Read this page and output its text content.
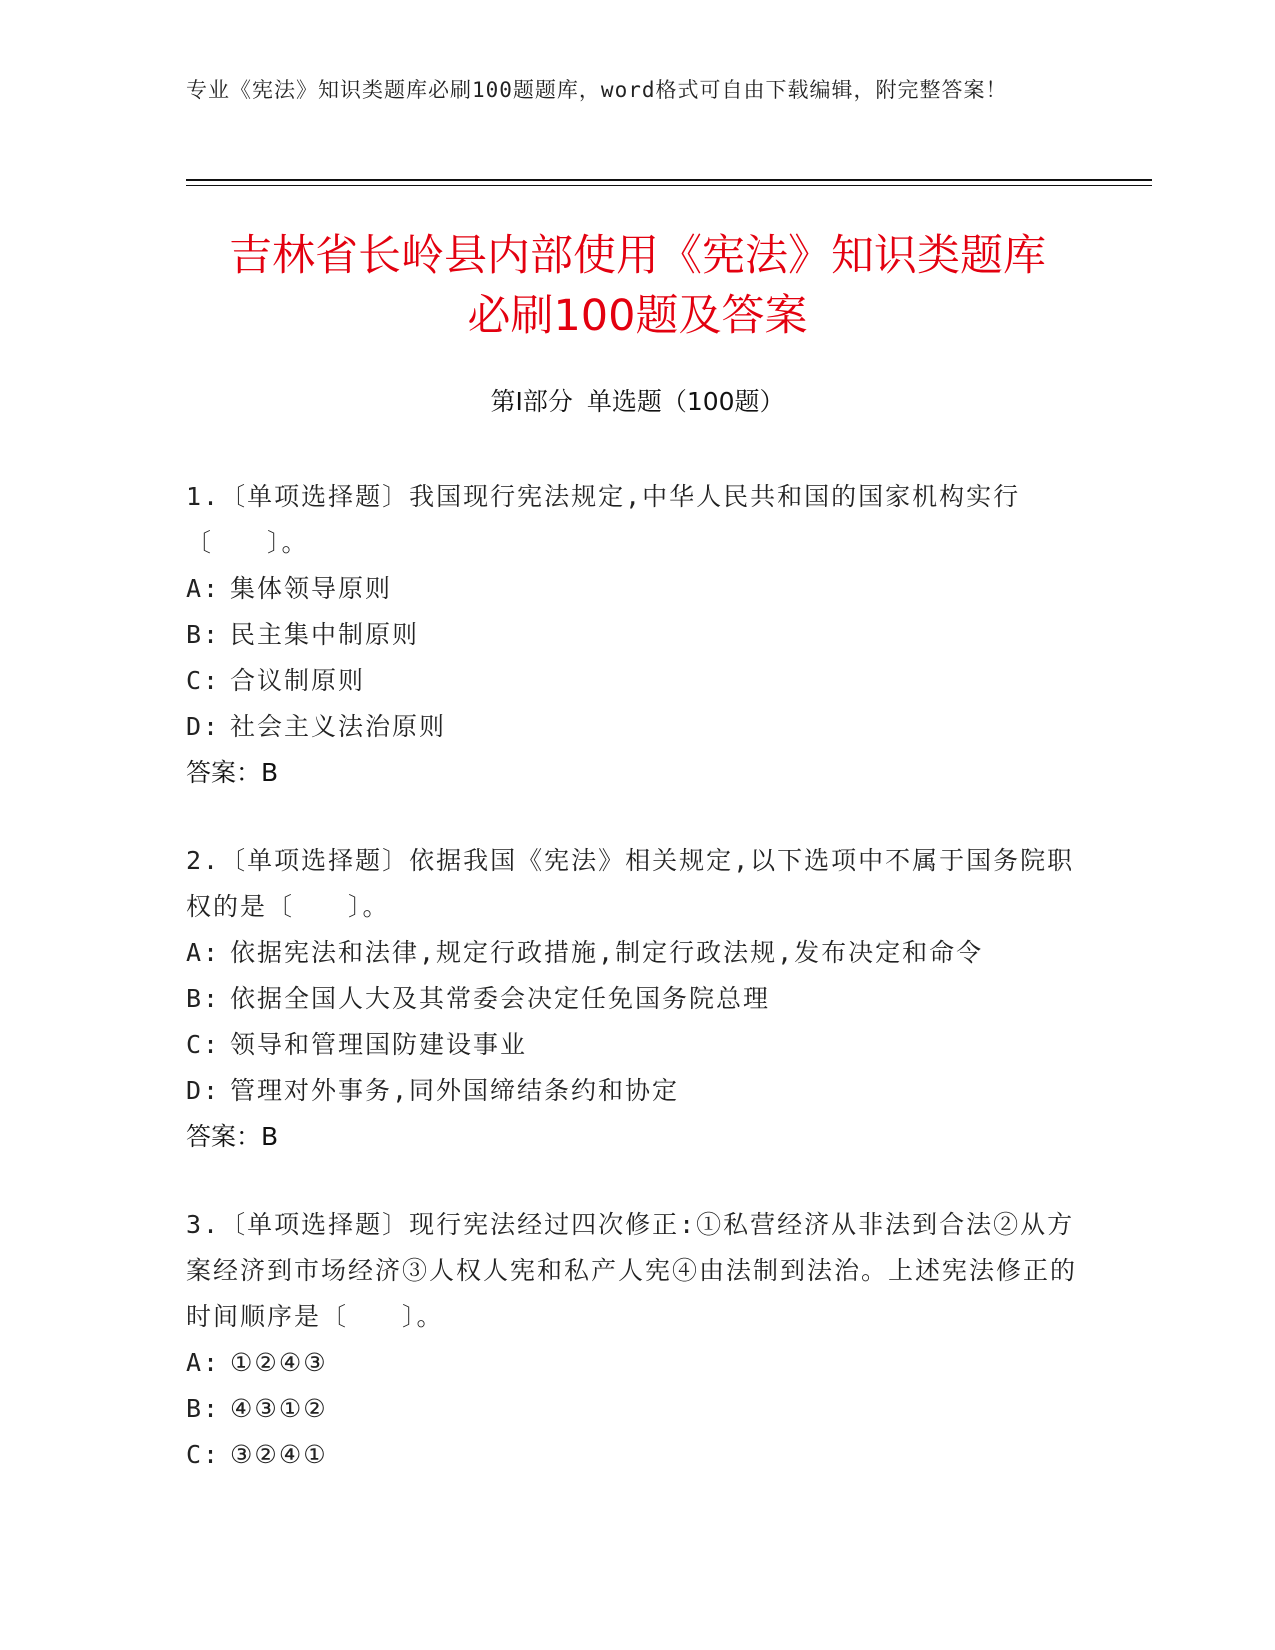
专业《宪法》知识类题库必刷100题题库，word格式可自由下载编辑，附完整答案！
吉林省长岭县内部使用《宪法》知识类题库
必刷100题及答案
第Ⅰ部分 单选题（100题）
1.〔单项选择题〕我国现行宪法规定,中华人民共和国的国家机构实行〔　　〕。
A: 集体领导原则
B: 民主集中制原则
C: 合议制原则
D: 社会主义法治原则
答案：B
2.〔单项选择题〕依据我国《宪法》相关规定,以下选项中不属于国务院职权的是〔　　〕。
A: 依据宪法和法律,规定行政措施,制定行政法规,发布决定和命令
B: 依据全国人大及其常委会决定任免国务院总理
C: 领导和管理国防建设事业
D: 管理对外事务,同外国缔结条约和协定
答案：B
3.〔单项选择题〕现行宪法经过四次修正:①私营经济从非法到合法②从方案经济到市场经济③人权人宪和私产人宪④由法制到法治。上述宪法修正的时间顺序是〔　　〕。
A: ①②④③
B: ④③①②
C: ③②④①
